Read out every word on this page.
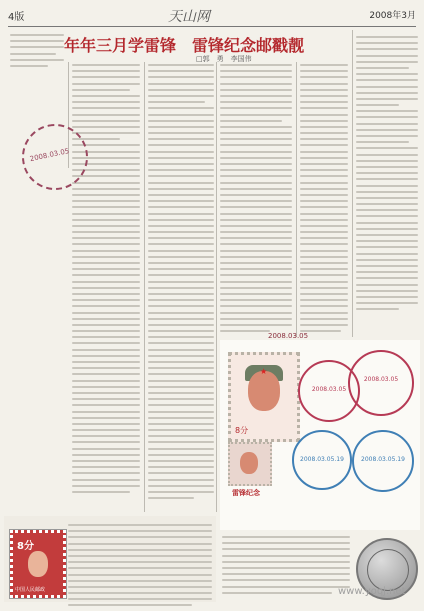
4版	天山网	2008年3月
年年三月学雷锋　雷锋纪念邮戳靓
□郭　勇　李国伟
2008.03.05
2008.03.05
★
8分
2008.03.05
2008.03.05
2008.03.05.19	2008.03.05.19
雷锋纪念
8分
中国人民邮政	www.yoqj.net
